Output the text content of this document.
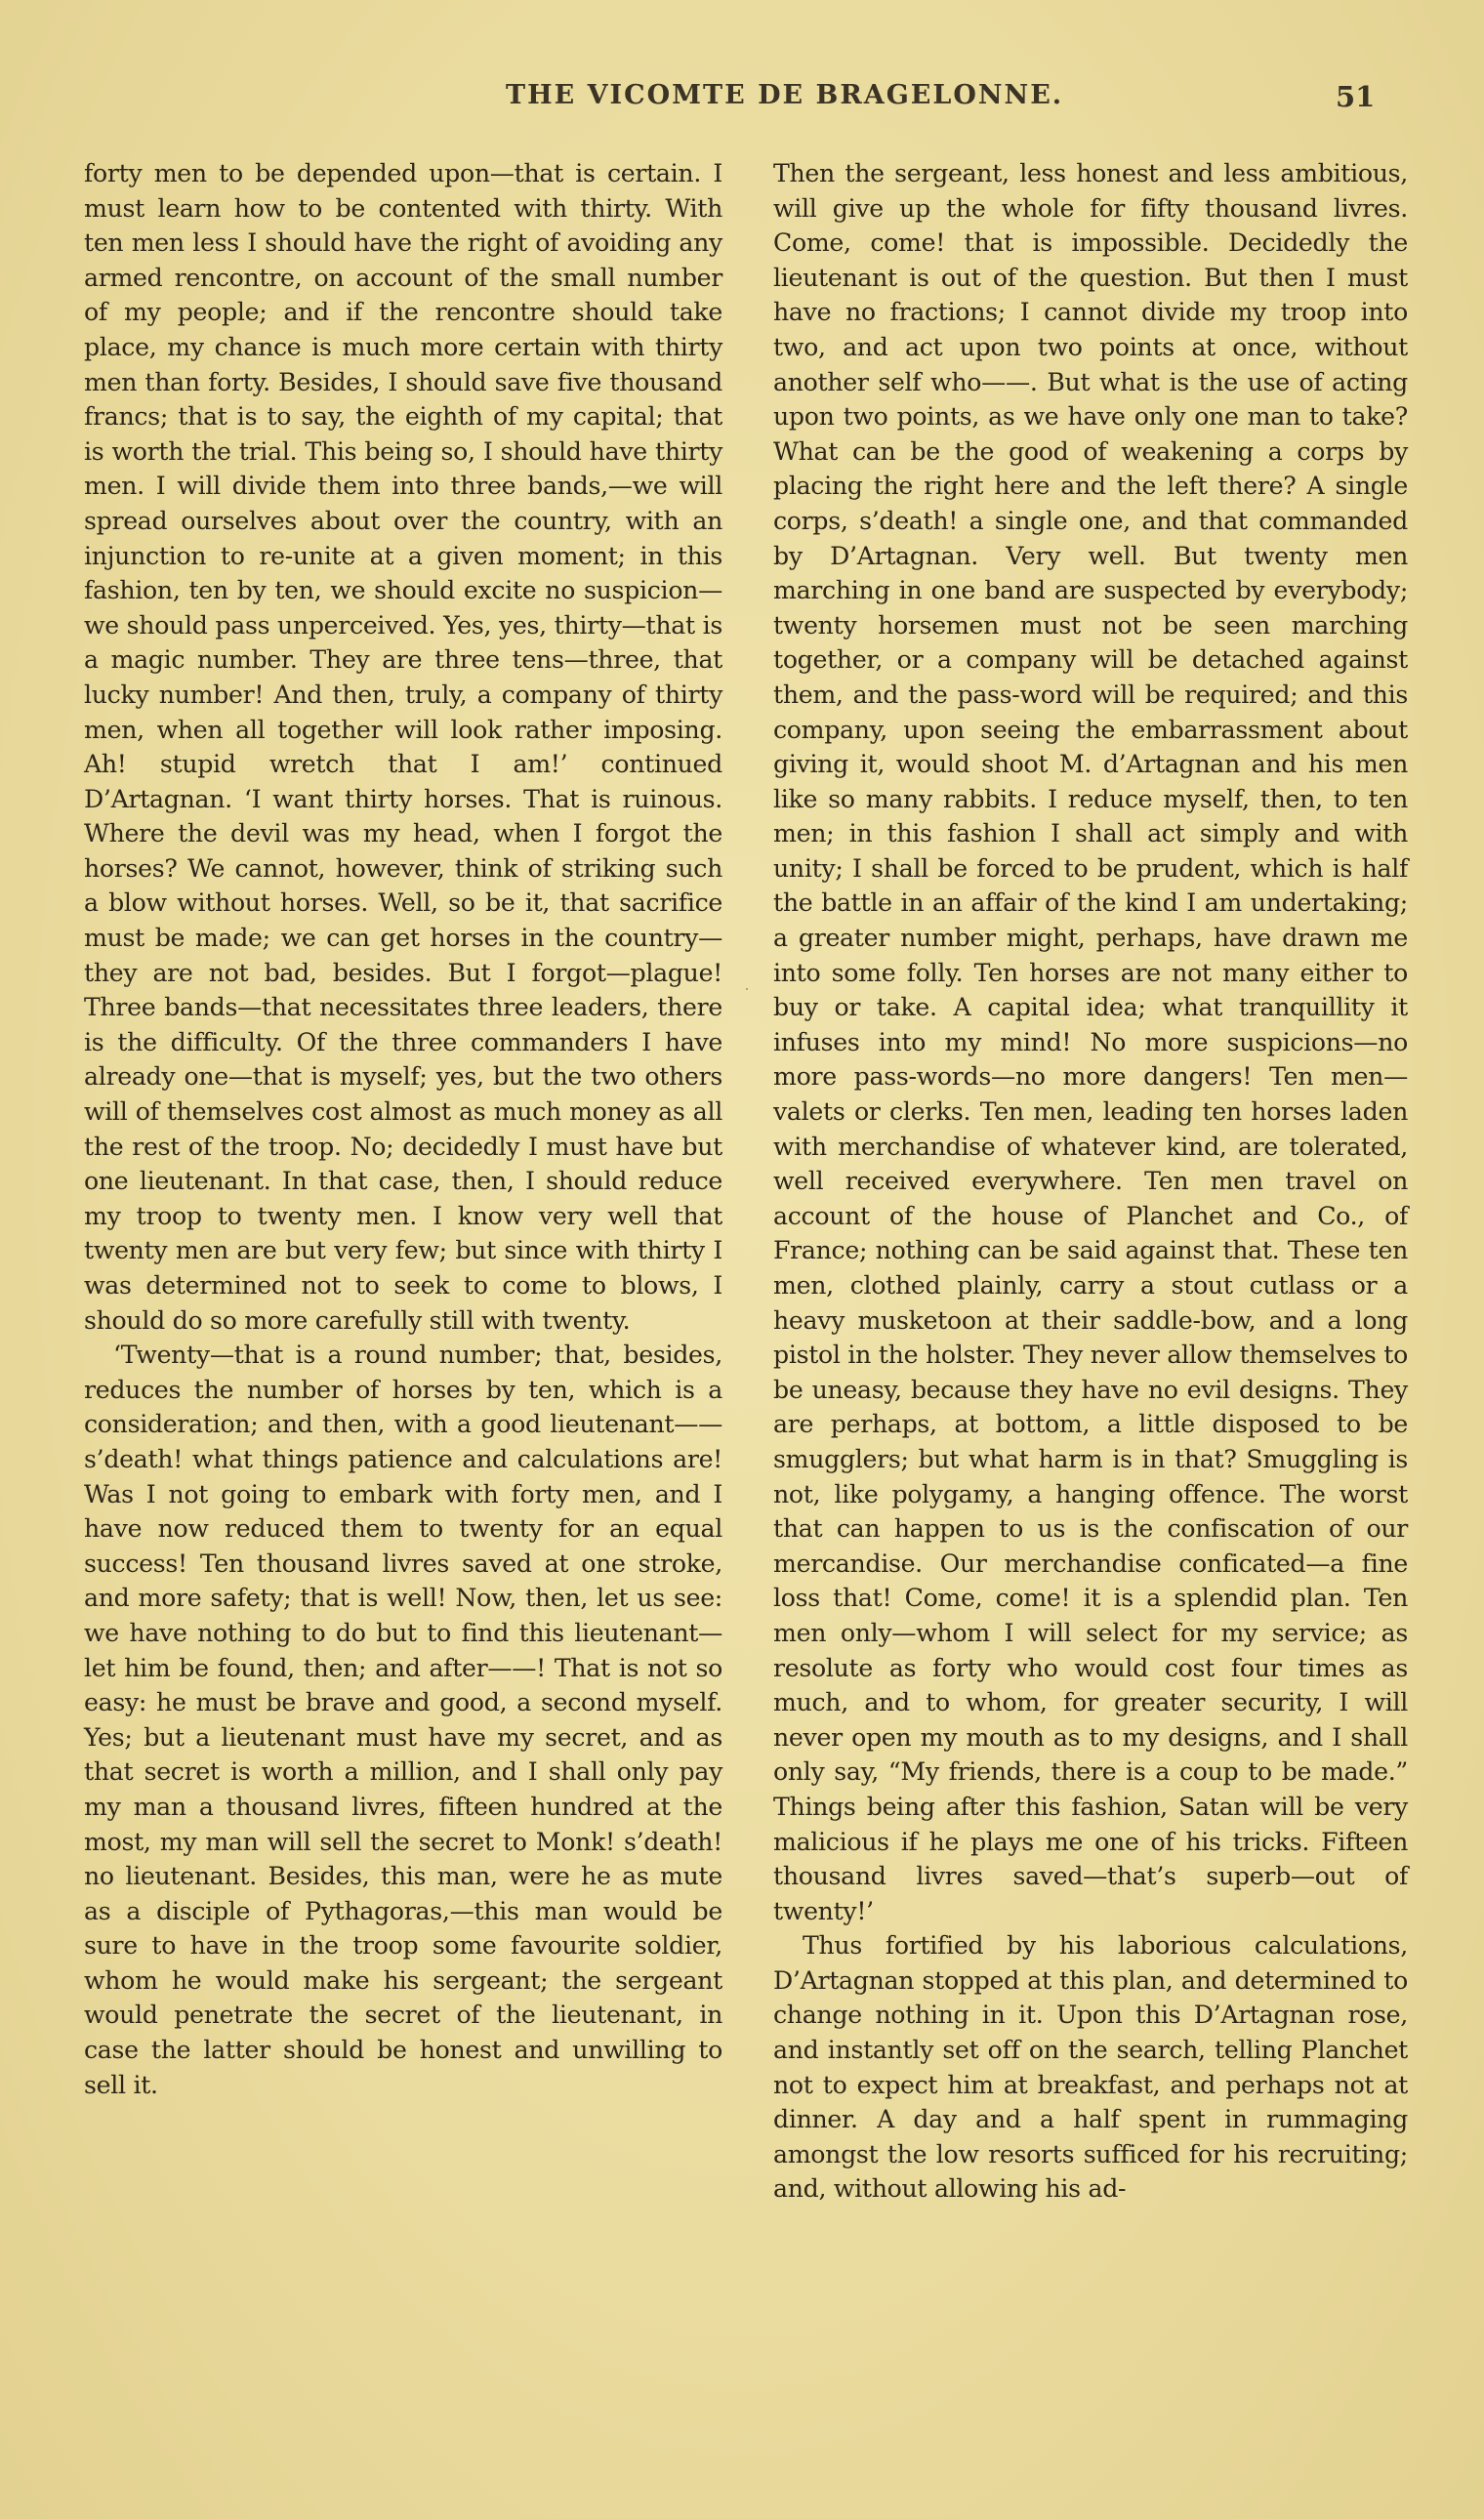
THE VICOMTE DE BRAGELONNE.	51

forty men to be depended upon—that is certain. I must learn how to be contented with thirty. With ten men less I should have the right of avoiding any armed rencontre, on account of the small number of my people; and if the rencontre should take place, my chance is much more certain with thirty men than forty. Besides, I should save five thousand francs; that is to say, the eighth of my capital; that is worth the trial. This being so, I should have thirty men. I will divide them into three bands,—we will spread ourselves about over the country, with an injunction to re-unite at a given moment; in this fashion, ten by ten, we should excite no suspicion—we should pass unperceived. Yes, yes, thirty—that is a magic number. They are three tens—three, that lucky number! And then, truly, a company of thirty men, when all together will look rather imposing. Ah! stupid wretch that I am!’ continued D’Artagnan. ‘I want thirty horses. That is ruinous. Where the devil was my head, when I forgot the horses? We cannot, however, think of striking such a blow without horses. Well, so be it, that sacrifice must be made; we can get horses in the country—they are not bad, besides. But I forgot—plague! Three bands—that necessitates three leaders, there is the difficulty. Of the three commanders I have already one—that is myself; yes, but the two others will of themselves cost almost as much money as all the rest of the troop. No; decidedly I must have but one lieutenant. In that case, then, I should reduce my troop to twenty men. I know very well that twenty men are but very few; but since with thirty I was determined not to seek to come to blows, I should do so more carefully still with twenty.

‘Twenty—that is a round number; that, besides, reduces the number of horses by ten, which is a consideration; and then, with a good lieutenant——s’death! what things patience and calculations are! Was I not going to embark with forty men, and I have now reduced them to twenty for an equal success! Ten thousand livres saved at one stroke, and more safety; that is well! Now, then, let us see: we have nothing to do but to find this lieutenant—let him be found, then; and after——! That is not so easy: he must be brave and good, a second myself. Yes; but a lieutenant must have my secret, and as that secret is worth a million, and I shall only pay my man a thousand livres, fifteen hundred at the most, my man will sell the secret to Monk! s’death! no lieutenant. Besides, this man, were he as mute as a disciple of Pythagoras,—this man would be sure to have in the troop some favourite soldier, whom he would make his sergeant; the sergeant would penetrate the secret of the lieutenant, in case the latter should be honest and unwilling to sell it.

Then the sergeant, less honest and less ambitious, will give up the whole for fifty thousand livres. Come, come! that is impossible. Decidedly the lieutenant is out of the question. But then I must have no fractions; I cannot divide my troop into two, and act upon two points at once, without another self who——. But what is the use of acting upon two points, as we have only one man to take? What can be the good of weakening a corps by placing the right here and the left there? A single corps, s’death! a single one, and that commanded by D’Artagnan. Very well. But twenty men marching in one band are suspected by everybody; twenty horsemen must not be seen marching together, or a company will be detached against them, and the pass-word will be required; and this company, upon seeing the embarrassment about giving it, would shoot M. d’Artagnan and his men like so many rabbits. I reduce myself, then, to ten men; in this fashion I shall act simply and with unity; I shall be forced to be prudent, which is half the battle in an affair of the kind I am undertaking; a greater number might, perhaps, have drawn me into some folly. Ten horses are not many either to buy or take. A capital idea; what tranquillity it infuses into my mind! No more suspicions—no more pass-words—no more dangers! Ten men—valets or clerks. Ten men, leading ten horses laden with merchandise of whatever kind, are tolerated, well received everywhere. Ten men travel on account of the house of Planchet and Co., of France; nothing can be said against that. These ten men, clothed plainly, carry a stout cutlass or a heavy musketoon at their saddle-bow, and a long pistol in the holster. They never allow themselves to be uneasy, because they have no evil designs. They are perhaps, at bottom, a little disposed to be smugglers; but what harm is in that? Smuggling is not, like polygamy, a hanging offence. The worst that can happen to us is the confiscation of our mercandise. Our merchandise conficated—a fine loss that! Come, come! it is a splendid plan. Ten men only—whom I will select for my service; as resolute as forty who would cost four times as much, and to whom, for greater security, I will never open my mouth as to my designs, and I shall only say, “My friends, there is a coup to be made.” Things being after this fashion, Satan will be very malicious if he plays me one of his tricks. Fifteen thousand livres saved—that’s superb—out of twenty!’

Thus fortified by his laborious calculations, D’Artagnan stopped at this plan, and determined to change nothing in it. Upon this D’Artagnan rose, and instantly set off on the search, telling Planchet not to expect him at breakfast, and perhaps not at dinner. A day and a half spent in rummaging amongst the low resorts sufficed for his recruiting; and, without allowing his ad-
